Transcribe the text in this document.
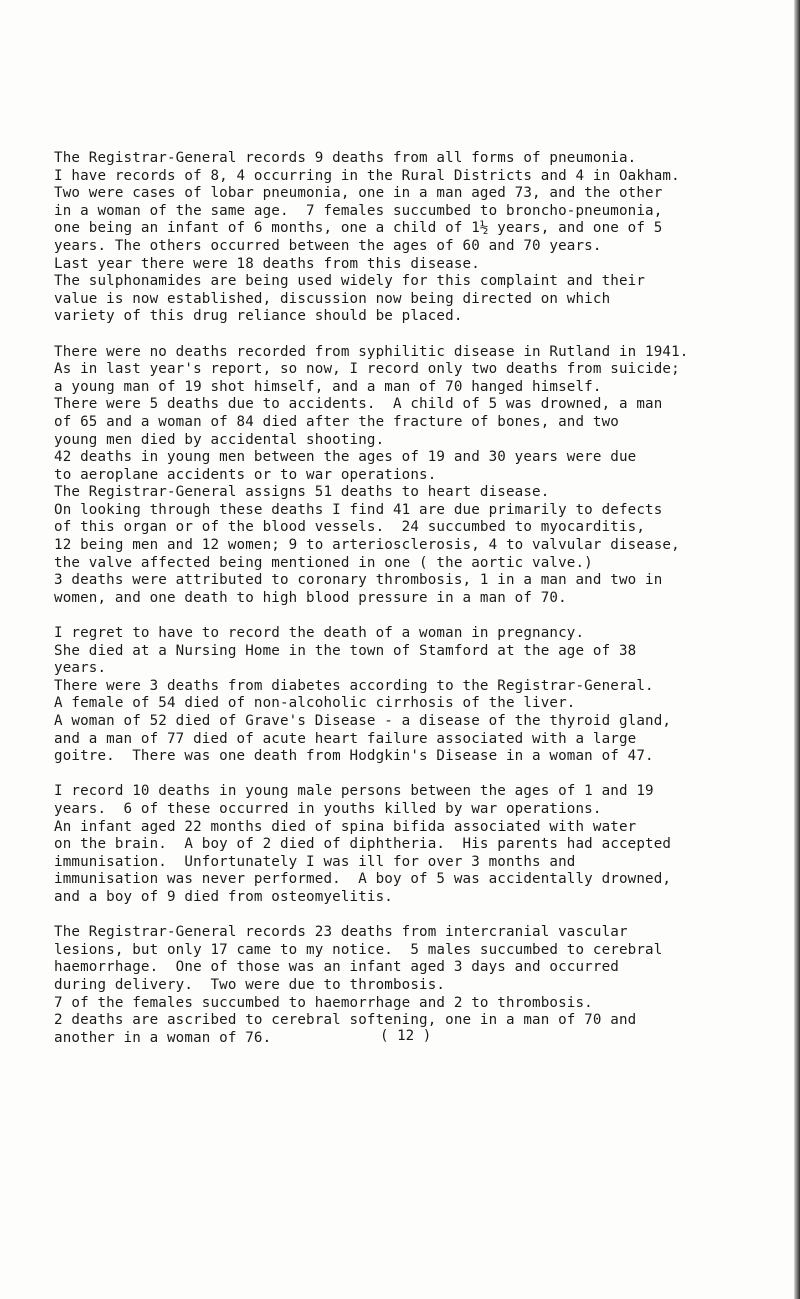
The Registrar-General records 9 deaths from all forms of pneumonia.
I have records of 8, 4 occurring in the Rural Districts and 4 in Oakham.
Two were cases of lobar pneumonia, one in a man aged 73, and the other
in a woman of the same age.  7 females succumbed to broncho-pneumonia,
one being an infant of 6 months, one a child of 1½ years, and one of 5
years. The others occurred between the ages of 60 and 70 years.
Last year there were 18 deaths from this disease.
The sulphonamides are being used widely for this complaint and their
value is now established, discussion now being directed on which
variety of this drug reliance should be placed.
There were no deaths recorded from syphilitic disease in Rutland in 1941.
As in last year's report, so now, I record only two deaths from suicide;
a young man of 19 shot himself, and a man of 70 hanged himself.
There were 5 deaths due to accidents.  A child of 5 was drowned, a man
of 65 and a woman of 84 died after the fracture of bones, and two
young men died by accidental shooting.
42 deaths in young men between the ages of 19 and 30 years were due
to aeroplane accidents or to war operations.
The Registrar-General assigns 51 deaths to heart disease.
On looking through these deaths I find 41 are due primarily to defects
of this organ or of the blood vessels.  24 succumbed to myocarditis,
12 being men and 12 women; 9 to arteriosclerosis, 4 to valvular disease,
the valve affected being mentioned in one ( the aortic valve.)
3 deaths were attributed to coronary thrombosis, 1 in a man and two in
women, and one death to high blood pressure in a man of 70.
I regret to have to record the death of a woman in pregnancy.
She died at a Nursing Home in the town of Stamford at the age of 38
years.
There were 3 deaths from diabetes according to the Registrar-General.
A female of 54 died of non-alcoholic cirrhosis of the liver.
A woman of 52 died of Grave's Disease - a disease of the thyroid gland,
and a man of 77 died of acute heart failure associated with a large
goitre.  There was one death from Hodgkin's Disease in a woman of 47.
I record 10 deaths in young male persons between the ages of 1 and 19
years.  6 of these occurred in youths killed by war operations.
An infant aged 22 months died of spina bifida associated with water
on the brain.  A boy of 2 died of diphtheria.  His parents had accepted
immunisation.  Unfortunately I was ill for over 3 months and
immunisation was never performed.  A boy of 5 was accidentally drowned,
and a boy of 9 died from osteomyelitis.
The Registrar-General records 23 deaths from intercranial vascular
lesions, but only 17 came to my notice.  5 males succumbed to cerebral
haemorrhage.  One of those was an infant aged 3 days and occurred
during delivery.  Two were due to thrombosis.
7 of the females succumbed to haemorrhage and 2 to thrombosis.
2 deaths are ascribed to cerebral softening, one in a man of 70 and
another in a woman of 76.	( 12 )
